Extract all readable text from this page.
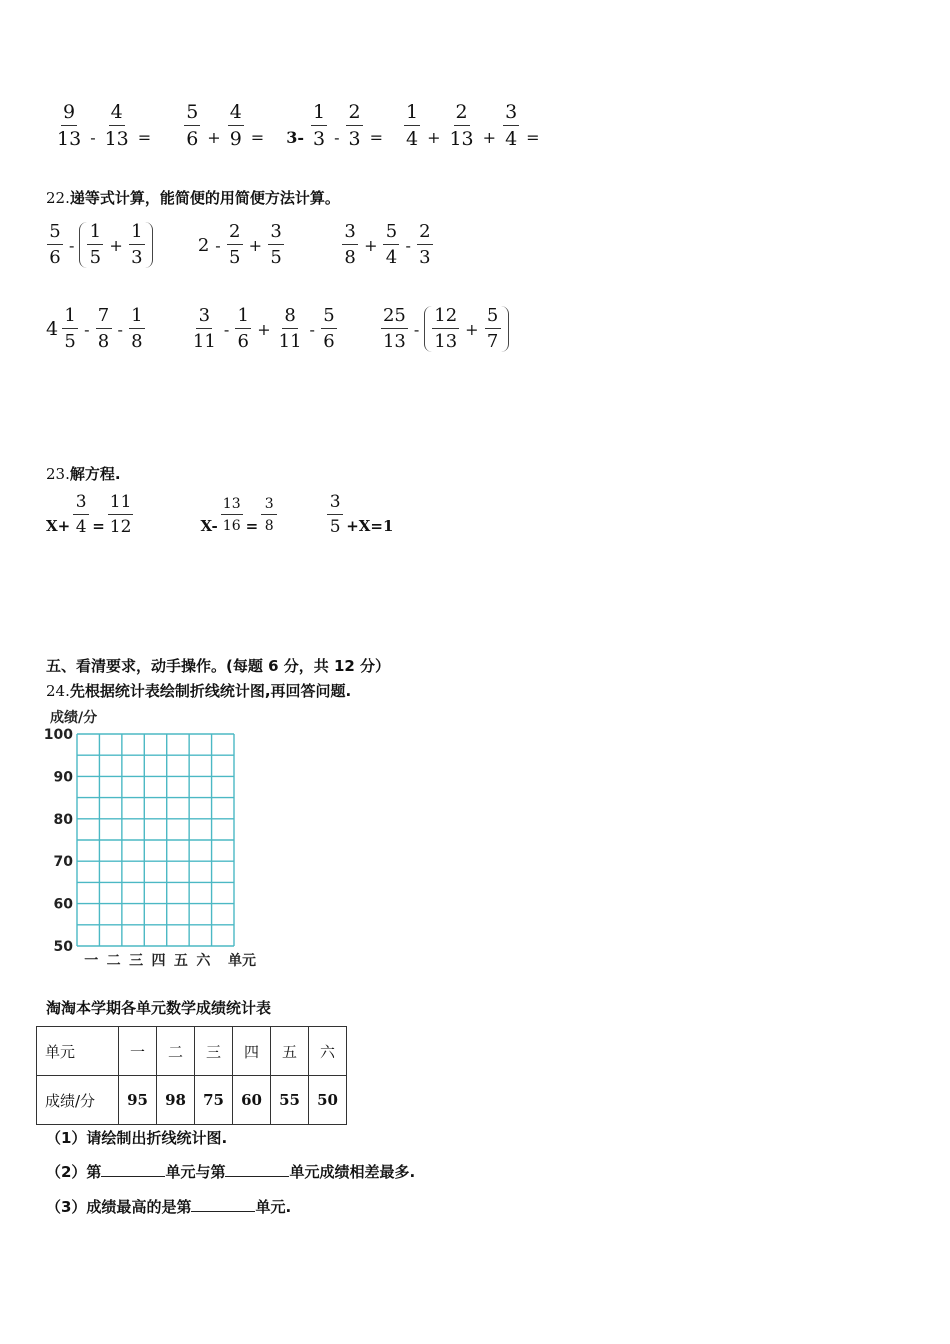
$\frac{9}{13} - \frac{4}{13} = \frac{5}{6} + \frac{4}{9} = 3- \frac{1}{3} - \frac{2}{3} = \frac{1}{4} + \frac{2}{13} + \frac{3}{4}$ =
22.递等式计算，能简便的用简便方法计算。
$\frac{5}{6} - \frac{1}{5} + \frac{1}{3}$	$2 - \frac{2}{5} + \frac{3}{5}$	$\frac{3}{8} + \frac{5}{4} - \frac{2}{3}$
$4 \frac{1}{5} - \frac{7}{8} - \frac{1}{8}$	$\frac{3}{11} - \frac{1}{6} + \frac{8}{11} - \frac{5}{6} \frac{25}{13} - \frac{12}{13} + \frac{5}{7}$
23.解方程.
$X+ \frac{3}{4} = \frac{11}{12}$	$X- \frac{13}{16} = \frac{3}{8}$	$\frac{3}{5} +X=1$
五、看清要求，动手操作。(每题 6 分，共 12 分）
24.先根据统计表绘制折线统计图,再回答问题.
100
90
80
70
60
50
成绩/分
一 二 三 四 五 六 单元
淘淘本学期各单元数学成绩统计表
单元	一	二	三	四	五	六
成绩/分	95	98	75	60	55	50
（1）请绘制出折线统计图.
（2）第	单元与第	单元成绩相差最多.
（3）成绩最高的是第	单元.
